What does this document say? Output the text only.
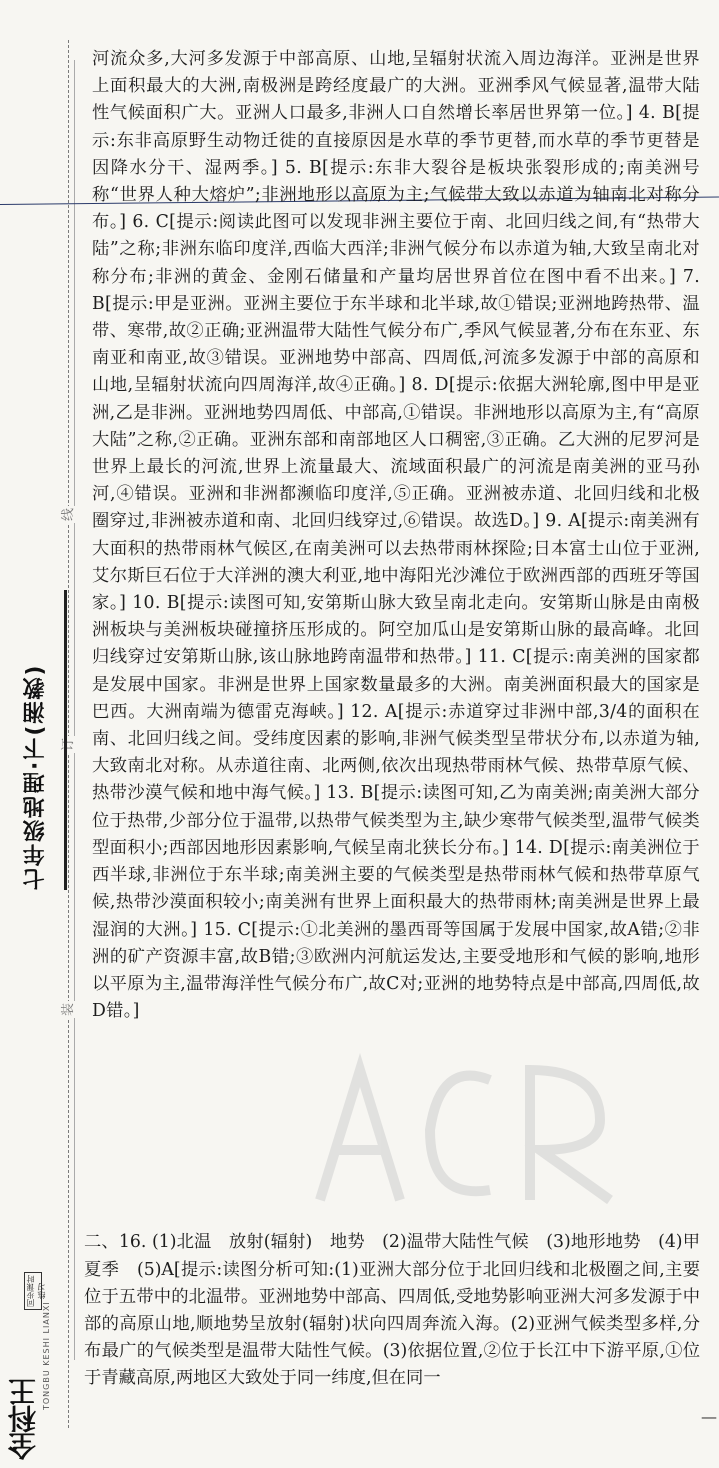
线
订
装
七年级地理·下(湘教)
同步课时练习
TONGBU KESHI LIANXI
全科王

河流众多,大河多发源于中部高原、山地,呈辐射状流入周边海洋。亚洲是世界上面积最大的大洲,南极洲是跨经度最广的大洲。亚洲季风气候显著,温带大陆性气候面积广大。亚洲人口最多,非洲人口自然增长率居世界第一位。] 4. B[提示:东非高原野生动物迁徙的直接原因是水草的季节更替,而水草的季节更替是因降水分干、湿两季。] 5. B[提示:东非大裂谷是板块张裂形成的;南美洲号称“世界人种大熔炉”;非洲地形以高原为主;气候带大致以赤道为轴南北对称分布。] 6. C[提示:阅读此图可以发现非洲主要位于南、北回归线之间,有“热带大陆”之称;非洲东临印度洋,西临大西洋;非洲气候分布以赤道为轴,大致呈南北对称分布;非洲的黄金、金刚石储量和产量均居世界首位在图中看不出来。] 7. B[提示:甲是亚洲。亚洲主要位于东半球和北半球,故①错误;亚洲地跨热带、温带、寒带,故②正确;亚洲温带大陆性气候分布广,季风气候显著,分布在东亚、东南亚和南亚,故③错误。亚洲地势中部高、四周低,河流多发源于中部的高原和山地,呈辐射状流向四周海洋,故④正确。] 8. D[提示:依据大洲轮廓,图中甲是亚洲,乙是非洲。亚洲地势四周低、中部高,①错误。非洲地形以高原为主,有“高原大陆”之称,②正确。亚洲东部和南部地区人口稠密,③正确。乙大洲的尼罗河是世界上最长的河流,世界上流量最大、流域面积最广的河流是南美洲的亚马孙河,④错误。亚洲和非洲都濒临印度洋,⑤正确。亚洲被赤道、北回归线和北极圈穿过,非洲被赤道和南、北回归线穿过,⑥错误。故选D。] 9. A[提示:南美洲有大面积的热带雨林气候区,在南美洲可以去热带雨林探险;日本富士山位于亚洲,艾尔斯巨石位于大洋洲的澳大利亚,地中海阳光沙滩位于欧洲西部的西班牙等国家。] 10. B[提示:读图可知,安第斯山脉大致呈南北走向。安第斯山脉是由南极洲板块与美洲板块碰撞挤压形成的。阿空加瓜山是安第斯山脉的最高峰。北回归线穿过安第斯山脉,该山脉地跨南温带和热带。] 11. C[提示:南美洲的国家都是发展中国家。非洲是世界上国家数量最多的大洲。南美洲面积最大的国家是巴西。大洲南端为德雷克海峡。] 12. A[提示:赤道穿过非洲中部,3/4的面积在南、北回归线之间。受纬度因素的影响,非洲气候类型呈带状分布,以赤道为轴,大致南北对称。从赤道往南、北两侧,依次出现热带雨林气候、热带草原气候、热带沙漠气候和地中海气候。] 13. B[提示:读图可知,乙为南美洲;南美洲大部分位于热带,少部分位于温带,以热带气候类型为主,缺少寒带气候类型,温带气候类型面积小;西部因地形因素影响,气候呈南北狭长分布。] 14. D[提示:南美洲位于西半球,非洲位于东半球;南美洲主要的气候类型是热带雨林气候和热带草原气候,热带沙漠面积较小;南美洲有世界上面积最大的热带雨林;南美洲是世界上最湿润的大洲。] 15. C[提示:①北美洲的墨西哥等国属于发展中国家,故A错;②非洲的矿产资源丰富,故B错;③欧洲内河航运发达,主要受地形和气候的影响,地形以平原为主,温带海洋性气候分布广,故C对;亚洲的地势特点是中部高,四周低,故D错。]

二、16. (1)北温　放射(辐射)　地势　(2)温带大陆性气候　(3)地形地势　(4)甲　夏季　(5)A[提示:读图分析可知:(1)亚洲大部分位于北回归线和北极圈之间,主要位于五带中的北温带。亚洲地势中部高、四周低,受地势影响亚洲大河多发源于中部的高原山地,顺地势呈放射(辐射)状向四周奔流入海。(2)亚洲气候类型多样,分布最广的气候类型是温带大陆性气候。(3)依据位置,②位于长江中下游平原,①位于青藏高原,两地区大致处于同一纬度,但在同一

—
